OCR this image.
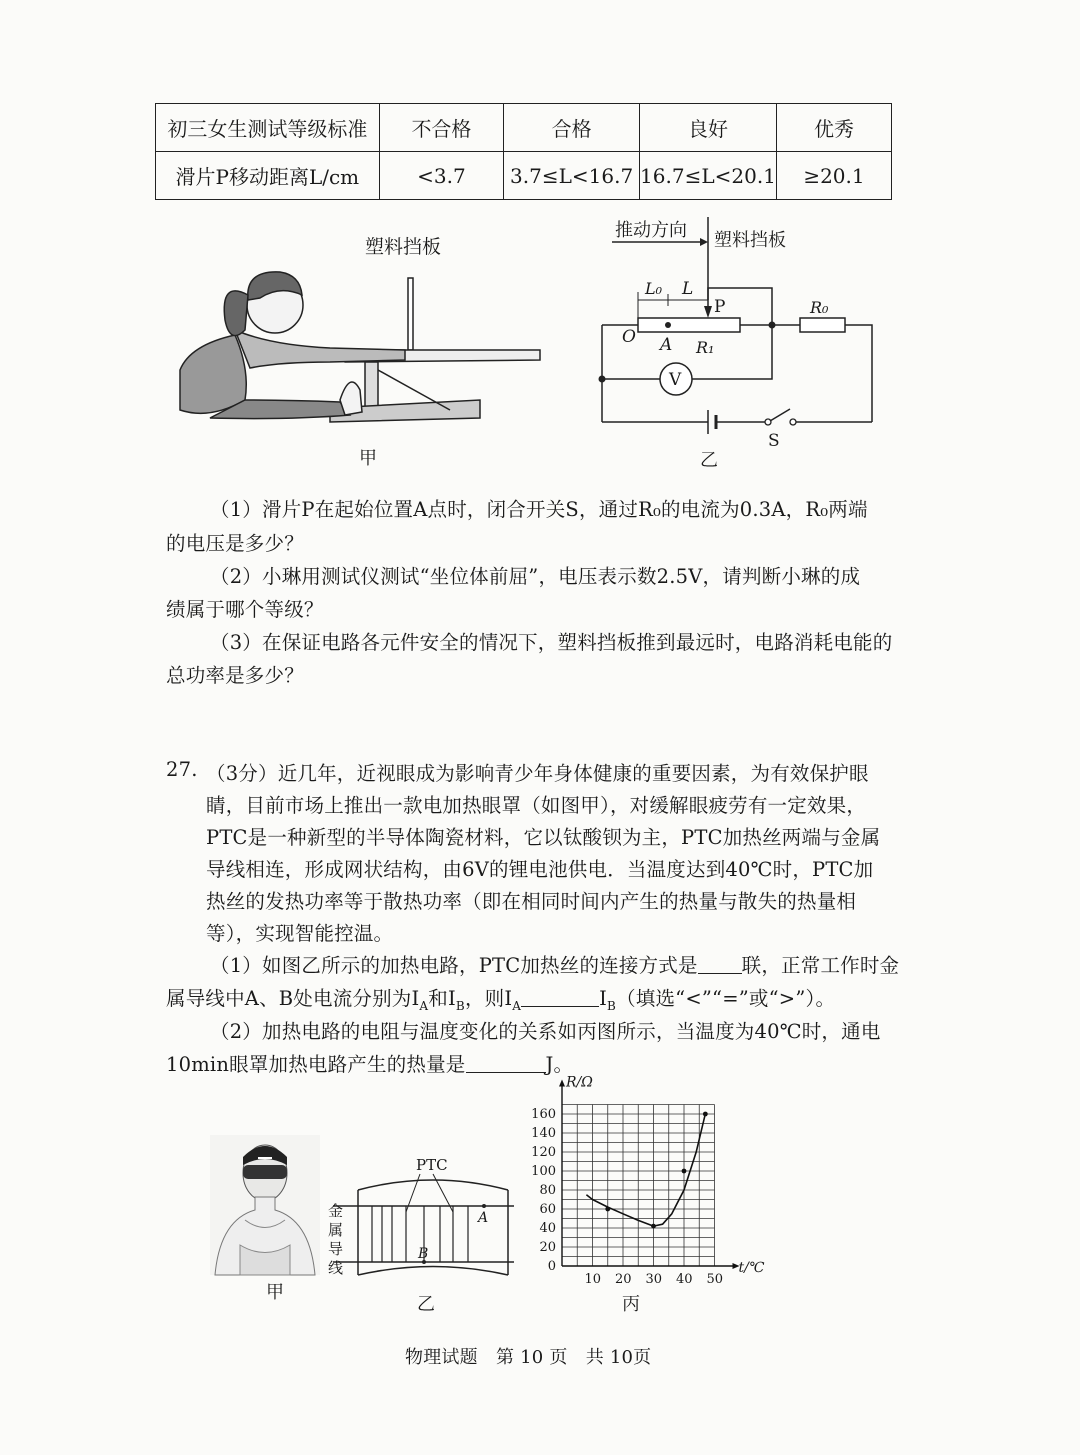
初三女生测试等级标准	不合格	合格	良好	优秀
滑片P移动距离L/cm	<3.7	3.7≤L<16.7	16.7≤L<20.1	≥20.1
塑料挡板
甲
推动方向 塑料挡板
L₀ L
P
O A R₁
R₀
V
S
乙
（1）滑片P在起始位置A点时，闭合开关S，通过R₀的电流为0.3A，R₀两端
的电压是多少？
（2）小琳用测试仪测试“坐位体前屈”，电压表示数2.5V，请判断小琳的成
绩属于哪个等级？
（3）在保证电路各元件安全的情况下，塑料挡板推到最远时，电路消耗电能的
总功率是多少？
27. （3分）近几年，近视眼成为影响青少年身体健康的重要因素，为有效保护眼
睛，目前市场上推出一款电加热眼罩（如图甲），对缓解眼疲劳有一定效果，
PTC是一种新型的半导体陶瓷材料，它以钛酸钡为主，PTC加热丝两端与金属
导线相连，形成网状结构，由6V的锂电池供电．当温度达到40℃时，PTC加
热丝的发热功率等于散热功率（即在相同时间内产生的热量与散失的热量相
等），实现智能控温。
（1）如图乙所示的加热电路，PTC加热丝的连接方式是 联，正常工作时金
属导线中A、B处电流分别为$I_A$和$I_B$，则$I_A$	$I_B$（填选“<”“=”或“>”）。
（2）加热电路的电阻与温度变化的关系如丙图所示，当温度为40℃时，通电
10min眼罩加热电路产生的热量是	J。
甲
PTC
A
B
金
属
导
线
乙
10 20 30 40 50
0
20
40
60
80
100
120
140
160
R/Ω
t/℃
丙
物理试题　第 10 页　共 10页
